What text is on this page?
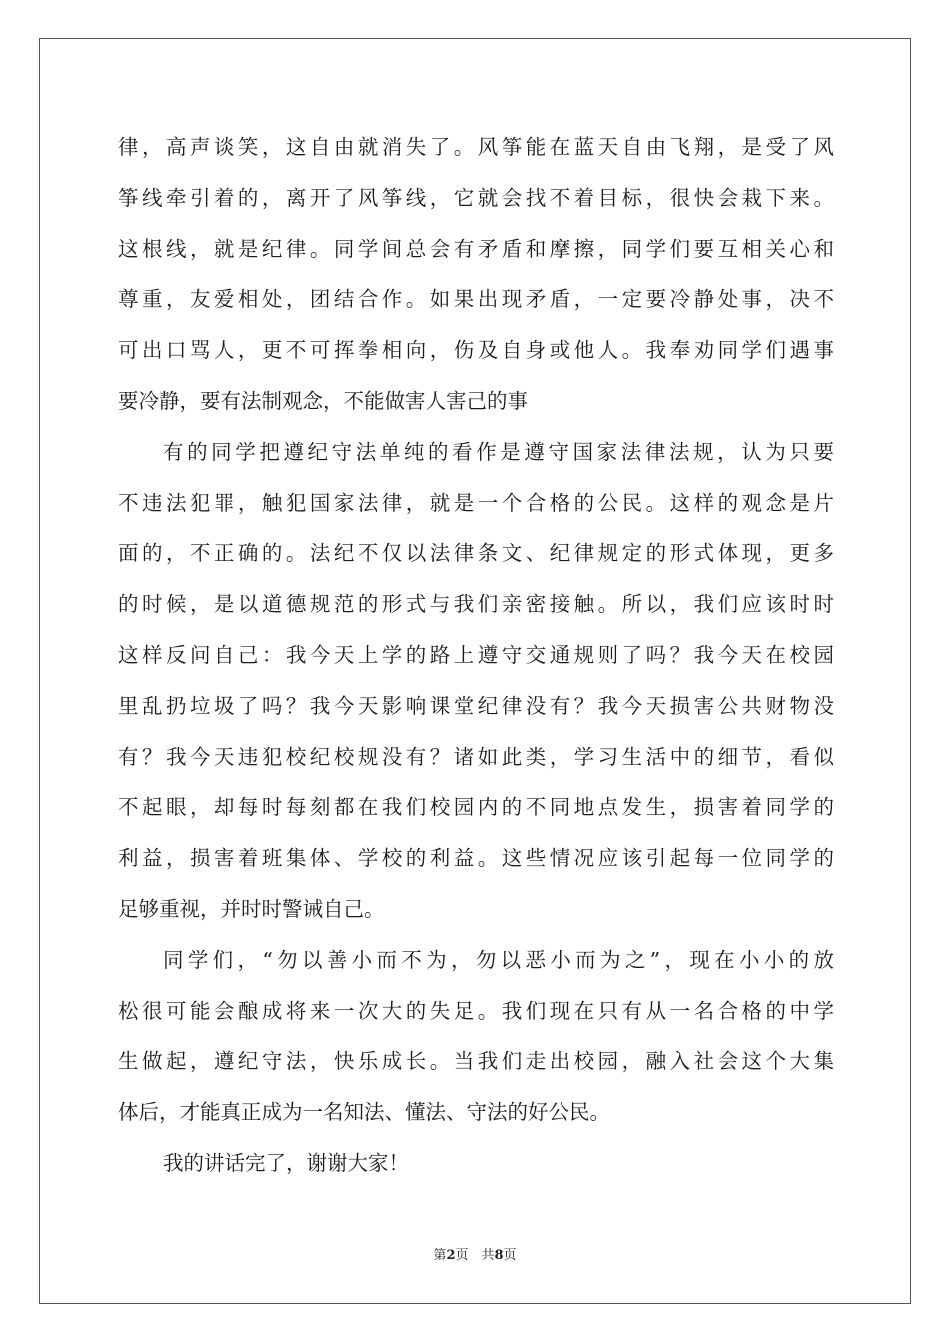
律，高声谈笑，这自由就消失了。风筝能在蓝天自由飞翔，是受了风
筝线牵引着的，离开了风筝线，它就会找不着目标，很快会栽下来。
这根线，就是纪律。同学间总会有矛盾和摩擦，同学们要互相关心和
尊重，友爱相处，团结合作。如果出现矛盾，一定要冷静处事，决不
可出口骂人，更不可挥拳相向，伤及自身或他人。我奉劝同学们遇事
要冷静，要有法制观念，不能做害人害己的事
有的同学把遵纪守法单纯的看作是遵守国家法律法规，认为只要
不违法犯罪，触犯国家法律，就是一个合格的公民。这样的观念是片
面的，不正确的。法纪不仅以法律条文、纪律规定的形式体现，更多
的时候，是以道德规范的形式与我们亲密接触。所以，我们应该时时
这样反问自己：我今天上学的路上遵守交通规则了吗？我今天在校园
里乱扔垃圾了吗？我今天影响课堂纪律没有？我今天损害公共财物没
有？我今天违犯校纪校规没有？诸如此类，学习生活中的细节，看似
不起眼，却每时每刻都在我们校园内的不同地点发生，损害着同学的
利益，损害着班集体、学校的利益。这些情况应该引起每一位同学的
足够重视，并时时警诫自己。
同学们，“勿以善小而不为，勿以恶小而为之”，现在小小的放
松很可能会酿成将来一次大的失足。我们现在只有从一名合格的中学
生做起，遵纪守法，快乐成长。当我们走出校园，融入社会这个大集
体后，才能真正成为一名知法、懂法、守法的好公民。
我的讲话完了，谢谢大家！
第2页　共8页
